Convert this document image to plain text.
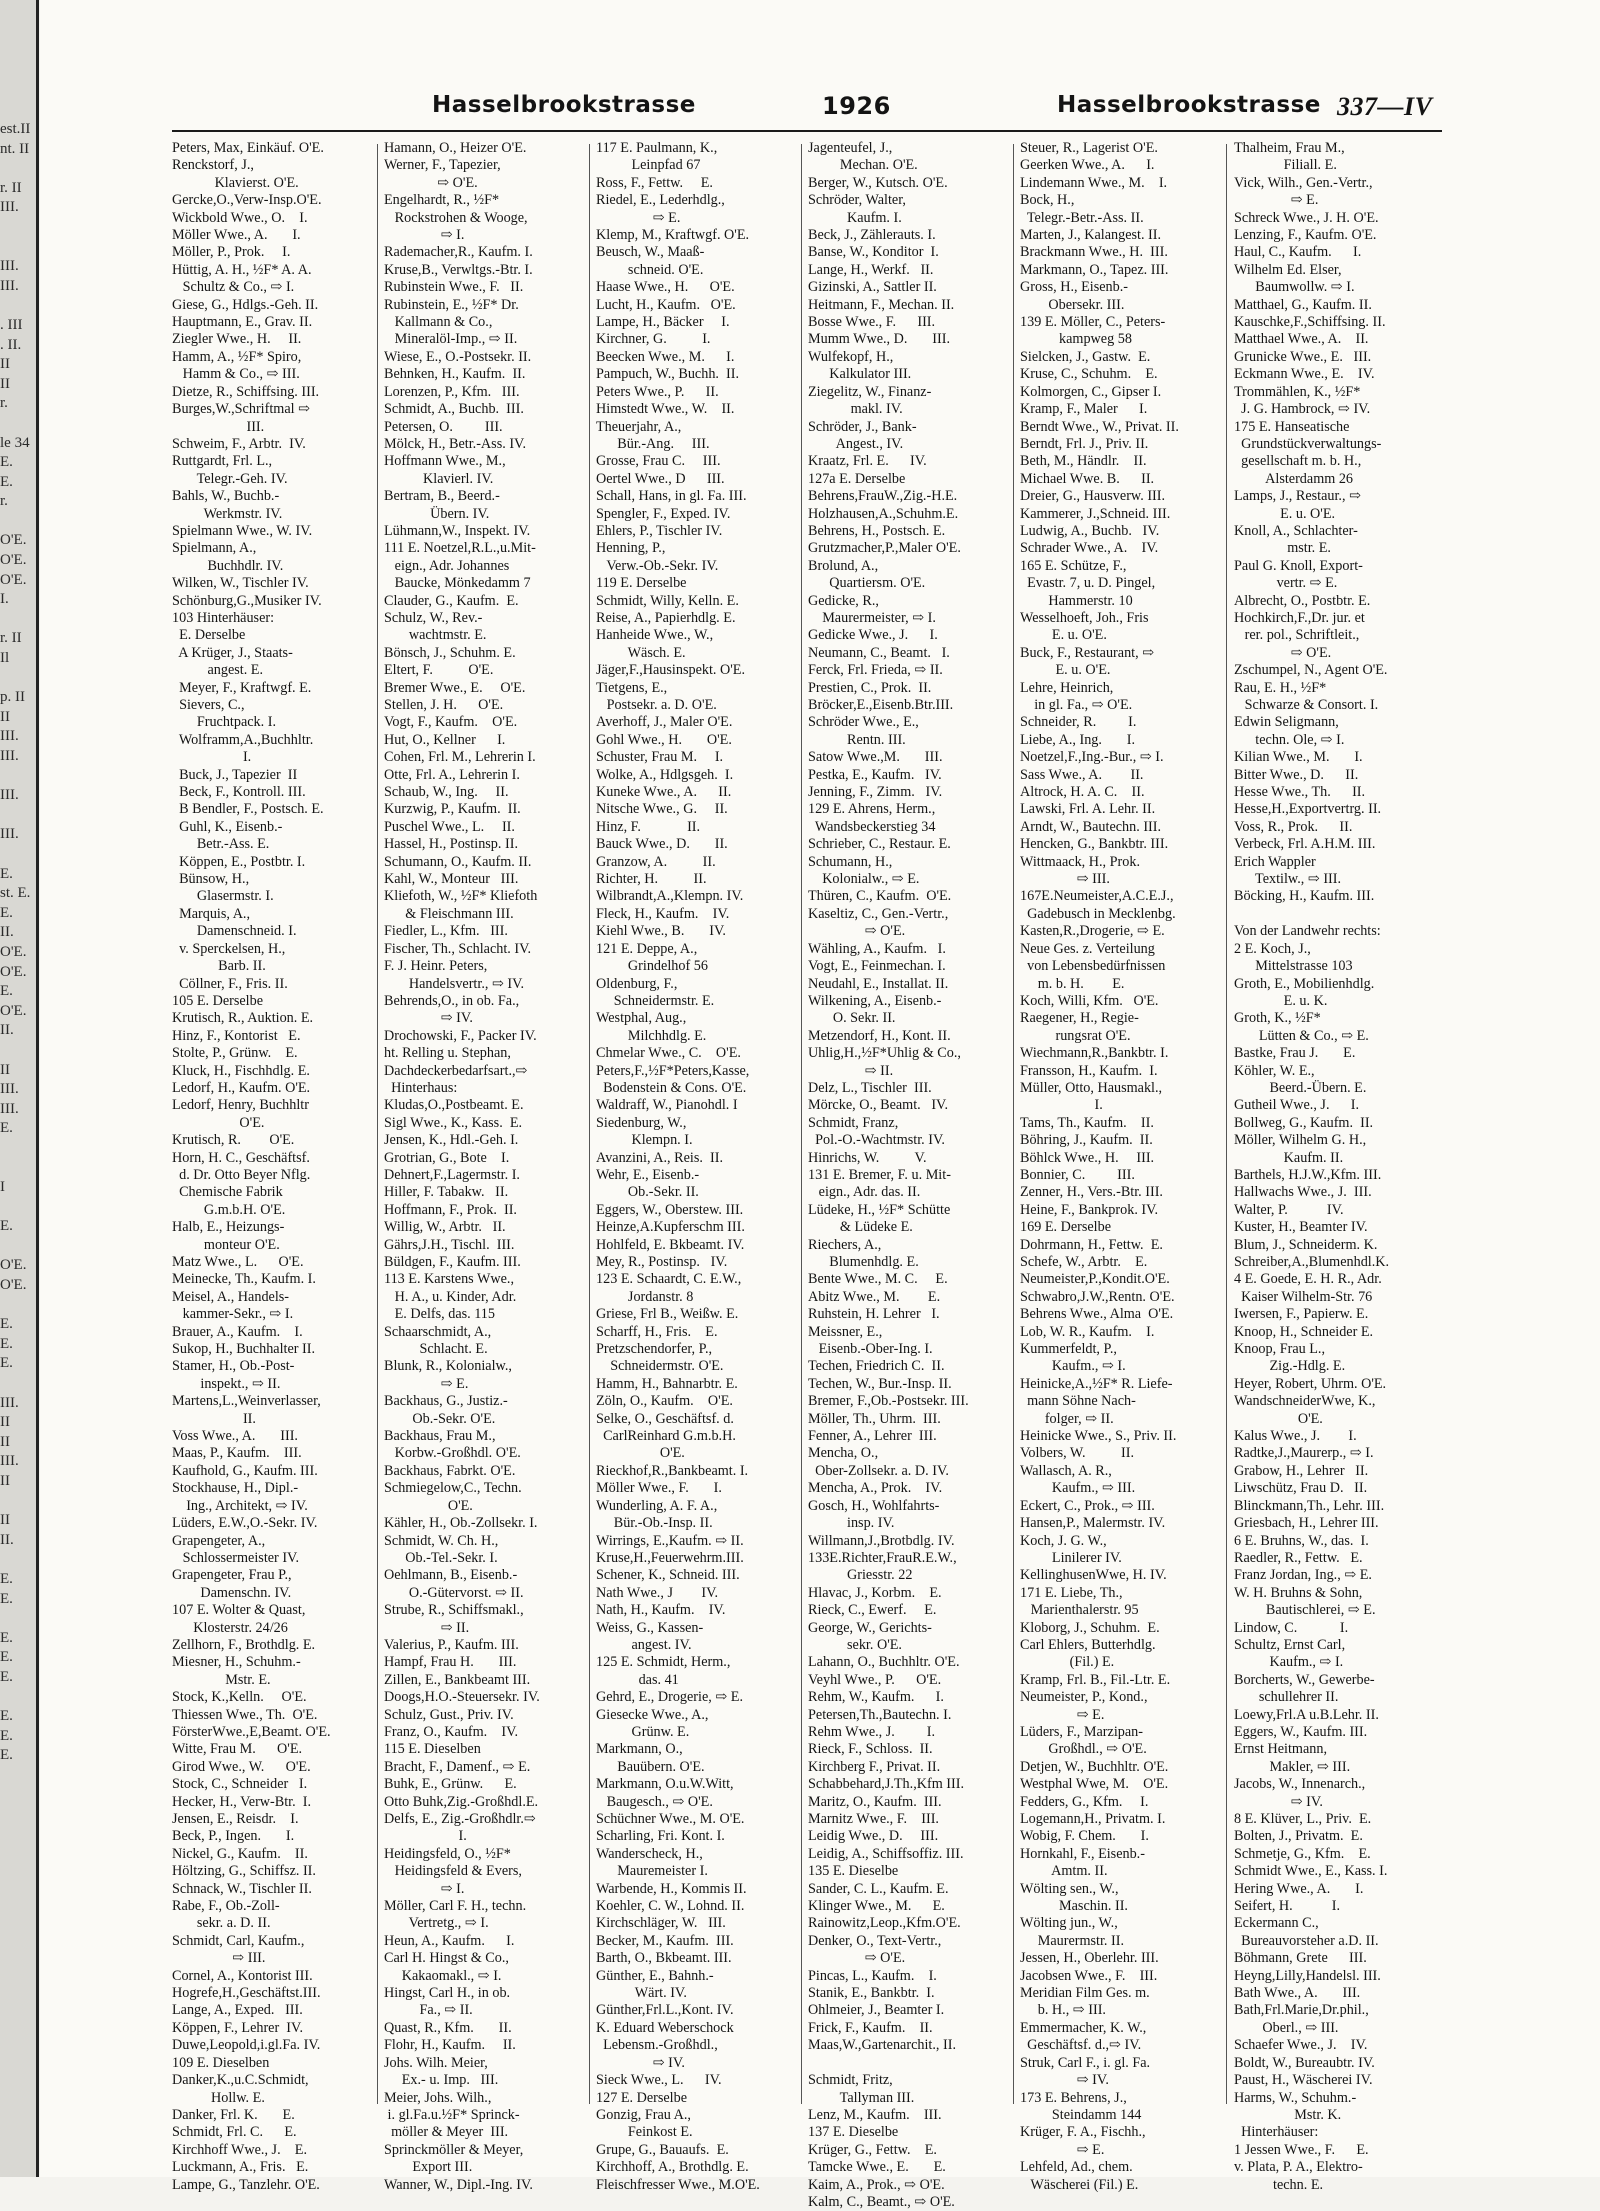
est.II
nt. II

r. II
III.

III.
III.

. III
. II.
II
II
r.

le 34
E.
E.
r.

O'E.
O'E.
O'E.
I.

r. II
Il

p. II
II
III.
III.

III.

III.

E.
st. E.
E.
II.
O'E.
O'E.
E.
O'E.
II.

II
III.
III.
E.

I

E.

O'E.
O'E.

E.
E.
E.

III.
II
II
III.
II

II
II.

E.
E.

E.
E.
E.

E.
E.
E.
Hasselbrookstrasse	1926	Hasselbrookstrasse 337—IV
Peters, Max, Einkäuf. O'E.
Renckstorf, J.,
Klavierst. O'E.
Gercke,O.,Verw-Insp.O'E.
Wickbold Wwe., O.    I.
Möller Wwe., A.       I.
Möller, P., Prok.     I.
Hüttig, A. H., ½F* A. A.
Schultz & Co., ⇨ I.
Giese, G., Hdlgs.-Geh. II.
Hauptmann, E., Grav. II.
Ziegler Wwe., H.     II.
Hamm, A., ½F* Spiro,
Hamm & Co., ⇨ III.
Dietze, R., Schiffsing. III.
Burges,W.,Schriftmal ⇨
III.
Schweim, F., Arbtr.  IV.
Ruttgardt, Frl. L.,
Telegr.-Geh. IV.
Bahls, W., Buchb.-
Werkmstr. IV.
Spielmann Wwe., W. IV.
Spielmann, A.,
Buchhdlr. IV.
Wilken, W., Tischler IV.
Schönburg,G.,Musiker IV.
103 Hinterhäuser:
E. Derselbe
A Krüger, J., Staats-
angest. E.
Meyer, F., Kraftwgf. E.
Sievers, C.,
Fruchtpack. I.
Wolframm,A.,Buchhltr.
I.
Buck, J., Tapezier  II
Beck, F., Kontroll. III.
B Bendler, F., Postsch. E.
Guhl, K., Eisenb.-
Betr.-Ass. E.
Köppen, E., Postbtr. I.
Bünsow, H.,
Glasermstr. I.
Marquis, A.,
Damenschneid. I.
v. Sperckelsen, H.,
Barb. II.
Cöllner, F., Fris. II.
105 E. Derselbe
Krutisch, R., Auktion. E.
Hinz, F., Kontorist   E.
Stolte, P., Grünw.    E.
Kluck, H., Fischhdlg. E.
Ledorf, H., Kaufm. O'E.
Ledorf, Henry, Buchhltr
O'E.
Krutisch, R.        O'E.
Horn, H. C., Geschäftsf.
d. Dr. Otto Beyer Nflg.
Chemische Fabrik
G.m.b.H. O'E.
Halb, E., Heizungs-
monteur O'E.
Matz Wwe., L.      O'E.
Meinecke, Th., Kaufm. I.
Meisel, A., Handels-
kammer-Sekr., ⇨ I.
Brauer, A., Kaufm.    I.
Sukop, H., Buchhalter II.
Stamer, H., Ob.-Post-
inspekt., ⇨ II.
Martens,L.,Weinverlasser,
II.
Voss Wwe., A.       III.
Maas, P., Kaufm.    III.
Kaufhold, G., Kaufm. III.
Stockhause, H., Dipl.-
Ing., Architekt, ⇨ IV.
Lüders, E.W.,O.-Sekr. IV.
Grapengeter, A.,
Schlossermeister IV.
Grapengeter, Frau P.,
Damenschn. IV.
107 E. Wolter & Quast,
Klosterstr. 24/26
Zellhorn, F., Brothdlg. E.
Miesner, H., Schuhm.-
Mstr. E.
Stock, K.,Kelln.     O'E.
Thiessen Wwe., Th.  O'E.
FörsterWwe.,E,Beamt. O'E.
Witte, Frau M.      O'E.
Girod Wwe., W.      O'E.
Stock, C., Schneider   I.
Hecker, H., Verw-Btr.  I.
Jensen, E., Reisdr.    I.
Beck, P., Ingen.       I.
Nickel, G., Kaufm.    II.
Höltzing, G., Schiffsz. II.
Schnack, W., Tischler II.
Rabe, F., Ob.-Zoll-
sekr. a. D. II.
Schmidt, Carl, Kaufm.,
⇨ III.
Cornel, A., Kontorist III.
Hogrefe,H.,Geschäftst.III.
Lange, A., Exped.   III.
Köppen, F., Lehrer  IV.
Duwe,Leopold,i.gl.Fa. IV.
109 E. Dieselben
Danker,K.,u.C.Schmidt,
Hollw. E.
Danker, Frl. K.       E.
Schmidt, Frl. C.      E.
Kirchhoff Wwe., J.    E.
Luckmann, A., Fris.   E.
Lampe, G., Tanzlehr. O'E.
Hamann, O., Heizer O'E.
Werner, F., Tapezier,
⇨ O'E.
Engelhardt, R., ½F*
Rockstrohen & Wooge,
⇨ I.
Rademacher,R., Kaufm. I.
Kruse,B., Verwltgs.-Btr. I.
Rubinstein Wwe., F.   II.
Rubinstein, E., ½F* Dr.
Kallmann & Co.,
Mineralöl-Imp., ⇨ II.
Wiese, E., O.-Postsekr. II.
Behnken, H., Kaufm.  II.
Lorenzen, P., Kfm.   III.
Schmidt, A., Buchb.  III.
Petersen, O.         III.
Mölck, H., Betr.-Ass. IV.
Hoffmann Wwe., M.,
Klavierl. IV.
Bertram, B., Beerd.-
Übern. IV.
Lühmann,W., Inspekt. IV.
111 E. Noetzel,R.L.,u.Mit-
eign., Adr. Johannes
Baucke, Mönkedamm 7
Clauder, G., Kaufm.  E.
Schulz, W., Rev.-
wachtmstr. E.
Bönsch, J., Schuhm. E.
Eltert, F.          O'E.
Bremer Wwe., E.     O'E.
Stellen, J. H.      O'E.
Vogt, F., Kaufm.    O'E.
Hut, O., Kellner      I.
Cohen, Frl. M., Lehrerin I.
Otte, Frl. A., Lehrerin I.
Schaub, W., Ing.     II.
Kurzwig, P., Kaufm.  II.
Puschel Wwe., L.     II.
Hassel, H., Postinsp. II.
Schumann, O., Kaufm. II.
Kahl, W., Monteur   III.
Kliefoth, W., ½F* Kliefoth
& Fleischmann III.
Fiedler, L., Kfm.   III.
Fischer, Th., Schlacht. IV.
F. J. Heinr. Peters,
Handelsvertr., ⇨ IV.
Behrends,O., in ob. Fa.,
⇨ IV.
Drochowski, F., Packer IV.
ht. Relling u. Stephan,
Dachdeckerbedarfsart.,⇨
Hinterhaus:
Kludas,O.,Postbeamt. E.
Sigl Wwe., K., Kass.  E.
Jensen, K., Hdl.-Geh. I.
Grotrian, G., Bote    I.
Dehnert,F.,Lagermstr. I.
Hiller, F. Tabakw.   II.
Hoffmann, F., Prok.  II.
Willig, W., Arbtr.   II.
Gährs,J.H., Tischl.  III.
Büldgen, F., Kaufm. III.
113 E. Karstens Wwe.,
H. A., u. Kinder, Adr.
E. Delfs, das. 115
Schaarschmidt, A.,
Schlacht. E.
Blunk, R., Kolonialw.,
⇨ E.
Backhaus, G., Justiz.-
Ob.-Sekr. O'E.
Backhaus, Frau M.,
Korbw.-Großhdl. O'E.
Backhaus, Fabrkt. O'E.
Schmiegelow,C., Techn.
O'E.
Kähler, H., Ob.-Zollsekr. I.
Schmidt, W. Ch. H.,
Ob.-Tel.-Sekr. I.
Oehlmann, B., Eisenb.-
O.-Gütervorst. ⇨ II.
Strube, R., Schiffsmakl.,
⇨ II.
Valerius, P., Kaufm. III.
Hampf, Frau H.       III.
Zillen, E., Bankbeamt III.
Doogs,H.O.-Steuersekr. IV.
Schulz, Gust., Priv. IV.
Franz, O., Kaufm.    IV.
115 E. Dieselben
Bracht, F., Damenf., ⇨ E.
Buhk, E., Grünw.      E.
Otto Buhk,Zig.-Großhdl.E.
Delfs, E., Zig.-Großhdlr.⇨
I.
Heidingsfeld, O., ½F*
Heidingsfeld & Evers,
⇨ I.
Möller, Carl F. H., techn.
Vertretg., ⇨ I.
Heun, A., Kaufm.      I.
Carl H. Hingst & Co.,
Kakaomakl., ⇨ I.
Hingst, Carl H., in ob.
Fa., ⇨ II.
Quast, R., Kfm.       II.
Flohr, H., Kaufm.     II.
Johs. Wilh. Meier,
Ex.- u. Imp.   III.
Meier, Johs. Wilh.,
i. gl.Fa.u.½F* Sprinck-
möller & Meyer  III.
Sprinckmöller & Meyer,
Export III.
Wanner, W., Dipl.-Ing. IV.
117 E. Paulmann, K.,
Leinpfad 67
Ross, F., Fettw.     E.
Riedel, E., Lederhdlg.,
⇨ E.
Klemp, M., Kraftwgf. O'E.
Beusch, W., Maaß-
schneid. O'E.
Haase Wwe., H.      O'E.
Lucht, H., Kaufm.   O'E.
Lampe, H., Bäcker     I.
Kirchner, G.          I.
Beecken Wwe., M.      I.
Pampuch, W., Buchh.  II.
Peters Wwe., P.      II.
Himstedt Wwe., W.    II.
Theuerjahr, A.,
Bür.-Ang.     III.
Grosse, Frau C.     III.
Oertel Wwe., D      III.
Schall, Hans, in gl. Fa. III.
Spengler, F., Exped. IV.
Ehlers, P., Tischler IV.
Henning, P.,
Verw.-Ob.-Sekr. IV.
119 E. Derselbe
Schmidt, Willy, Kelln. E.
Reise, A., Papierhdlg. E.
Hanheide Wwe., W.,
Wäsch. E.
Jäger,F.,Hausinspekt. O'E.
Tietgens, E.,
Postsekr. a. D. O'E.
Averhoff, J., Maler O'E.
Gohl Wwe., H.       O'E.
Schuster, Frau M.     I.
Wolke, A., Hdlgsgeh.  I.
Kuneke Wwe., A.      II.
Nitsche Wwe., G.     II.
Hinz, F.             II.
Bauck Wwe., D.       II.
Granzow, A.          II.
Richter, H.          II.
Wilbrandt,A.,Klempn. IV.
Fleck, H., Kaufm.    IV.
Kiehl Wwe., B.       IV.
121 E. Deppe, A.,
Grindelhof 56
Oldenburg, F.,
Schneidermstr. E.
Westphal, Aug.,
Milchhdlg. E.
Chmelar Wwe., C.    O'E.
Peters,F.,½F*Peters,Kasse,
Bodenstein & Cons. O'E.
Waldraff, W., Pianohdl. I
Siedenburg, W.,
Klempn. I.
Avanzini, A., Reis.  II.
Wehr, E., Eisenb.-
Ob.-Sekr. II.
Eggers, W., Oberstew. III.
Heinze,A.Kupferschm III.
Hohlfeld, E. Bkbeamt. IV.
Mey, R., Postinsp.   IV.
123 E. Schaardt, C. E.W.,
Jordanstr. 8
Griese, Frl B., Weißw. E.
Scharff, H., Fris.    E.
Pretzschendorfer, P.,
Schneidermstr. O'E.
Hamm, H., Bahnarbtr. E.
Zöln, O., Kaufm.    O'E.
Selke, O., Geschäftsf. d.
CarlReinhard G.m.b.H.
O'E.
Rieckhof,R.,Bankbeamt. I.
Möller Wwe., F.       I.
Wunderling, A. F. A.,
Bür.-Ob.-Insp. II.
Wirrings, E.,Kaufm. ⇨ II.
Kruse,H.,Feuerwehrm.III.
Schener, K., Schneid. III.
Nath Wwe., J        IV.
Nath, H., Kaufm.    IV.
Weiss, G., Kassen-
angest. IV.
125 E. Schmidt, Herm.,
das. 41
Gehrd, E., Drogerie, ⇨ E.
Giesecke Wwe., A.,
Grünw. E.
Markmann, O.,
Bauübern. O'E.
Markmann, O.u.W.Witt,
Baugesch., ⇨ O'E.
Schüchner Wwe., M. O'E.
Scharling, Fri. Kont. I.
Wanderscheck, H.,
Mauremeister I.
Warbende, H., Kommis II.
Koehler, C. W., Lohnd. II.
Kirchschläger, W.   III.
Becker, M., Kaufm.  III.
Barth, O., Bkbeamt. III.
Günther, E., Bahnh.-
Wärt. IV.
Günther,Frl.L.,Kont. IV.
K. Eduard Weberschock
Lebensm.-Großhdl.,
⇨ IV.
Sieck Wwe., L.      IV.
127 E. Derselbe
Gonzig, Frau A.,
Feinkost E.
Grupe, G., Bauaufs.  E.
Kirchhoff, A., Brothdlg. E.
Fleischfresser Wwe., M.O'E.
Jagenteufel, J.,
Mechan. O'E.
Berger, W., Kutsch. O'E.
Schröder, Walter,
Kaufm. I.
Beck, J., Zählerauts. I.
Banse, W., Konditor  I.
Lange, H., Werkf.   II.
Gizinski, A., Sattler II.
Heitmann, F., Mechan. II.
Bosse Wwe., F.      III.
Mumm Wwe., D.       III.
Wulfekopf, H.,
Kalkulator III.
Ziegelitz, W., Finanz-
makl. IV.
Schröder, J., Bank-
Angest., IV.
Kraatz, Frl. E.      IV.
127a E. Derselbe
Behrens,FrauW.,Zig.-H.E.
Holzhausen,A.,Schuhm.E.
Behrens, H., Postsch. E.
Grutzmacher,P.,Maler O'E.
Brolund, A.,
Quartiersm. O'E.
Gedicke, R.,
Maurermeister, ⇨ I.
Gedicke Wwe., J.      I.
Neumann, C., Beamt.   I.
Ferck, Frl. Frieda, ⇨ II.
Prestien, C., Prok.  II.
Bröcker,E.,Eisenb.Btr.III.
Schröder Wwe., E.,
Rentn. III.
Satow Wwe.,M.       III.
Pestka, E., Kaufm.   IV.
Jenning, F., Zimm.   IV.
129 E. Ahrens, Herm.,
Wandsbeckerstieg 34
Schrieber, C., Restaur. E.
Schumann, H.,
Kolonialw., ⇨ E.
Thüren, C., Kaufm.  O'E.
Kaseltiz, C., Gen.-Vertr.,
⇨ O'E.
Wähling, A., Kaufm.   I.
Vogt, E., Feinmechan. I.
Neudahl, E., Installat. II.
Wilkening, A., Eisenb.-
O. Sekr. II.
Metzendorf, H., Kont. II.
Uhlig,H.,½F*Uhlig & Co.,
⇨ II.
Delz, L., Tischler  III.
Mörcke, O., Beamt.   IV.
Schmidt, Franz,
Pol.-O.-Wachtmstr. IV.
Hinrichs, W.          V.
131 E. Bremer, F. u. Mit-
eign., Adr. das. II.
Lüdeke, H., ½F* Schütte
& Lüdeke E.
Riechers, A.,
Blumenhdlg. E.
Bente Wwe., M. C.     E.
Abitz Wwe., M.        E.
Ruhstein, H. Lehrer   I.
Meissner, E.,
Eisenb.-Ober-Ing. I.
Techen, Friedrich C.  II.
Techen, W., Bur.-Insp. II.
Bremer, F.,Ob.-Postsekr. III.
Möller, Th., Uhrm.  III.
Fenner, A., Lehrer  III.
Mencha, O.,
Ober-Zollsekr. a. D. IV.
Mencha, A., Prok.    IV.
Gosch, H., Wohlfahrts-
insp. IV.
Willmann,J.,Brotbdlg. IV.
133E.Richter,FrauR.E.W.,
Griesstr. 22
Hlavac, J., Korbm.    E.
Rieck, C., Ewerf.     E.
George, W., Gerichts-
sekr. O'E.
Lahann, O., Buchhltr. O'E.
Veyhl Wwe., P.      O'E.
Rehm, W., Kaufm.      I.
Petersen,Th.,Bautechn. I.
Rehm Wwe., J.         I.
Rieck, F., Schloss.  II.
Kirchberg F., Privat. II.
Schabbehard,J.Th.,Kfm III.
Maritz, O., Kaufm.  III.
Marnitz Wwe., F.    III.
Leidig Wwe., D.     III.
Leidig, A., Schiffsoffiz. III.
135 E. Dieselbe
Sander, C. L., Kaufm. E.
Klinger Wwe., M.      E.
Rainowitz,Leop.,Kfm.O'E.
Denker, O., Text-Vertr.,
⇨ O'E.
Pincas, L., Kaufm.    I.
Stanik, E., Bankbtr.  I.
Ohlmeier, J., Beamter I.
Frick, F., Kaufm.    II.
Maas,W.,Gartenarchit., II.

Schmidt, Fritz,
Tallyman III.
Lenz, M., Kaufm.    III.
137 E. Dieselbe
Krüger, G., Fettw.    E.
Tamcke Wwe., E.       E.
Kaim, A., Prok., ⇨ O'E.
Kalm, C., Beamt., ⇨ O'E.
Steuer, R., Lagerist O'E.
Geerken Wwe., A.      I.
Lindemann Wwe., M.    I.
Bock, H.,
Telegr.-Betr.-Ass. II.
Marten, J., Kalangest. II.
Brackmann Wwe., H.  III.
Markmann, O., Tapez. III.
Gross, H., Eisenb.-
Obersekr. III.
139 E. Möller, C., Peters-
kampweg 58
Sielcken, J., Gastw.  E.
Kruse, C., Schuhm.    E.
Kolmorgen, C., Gipser I.
Kramp, F., Maler      I.
Berndt Wwe., W., Privat. II.
Berndt, Frl. J., Priv. II.
Beth, M., Händlr.    II.
Michael Wwe. B.      II.
Dreier, G., Hausverw. III.
Kammerer, J.,Schneid. III.
Ludwig, A., Buchb.   IV.
Schrader Wwe., A.    IV.
165 E. Schütze, F.,
Evastr. 7, u. D. Pingel,
Hammerstr. 10
Wesselhoeft, Joh., Fris
E. u. O'E.
Buck, F., Restaurant, ⇨
E. u. O'E.
Lehre, Heinrich,
in gl. Fa., ⇨ O'E.
Schneider, R.         I.
Liebe, A., Ing.       I.
Noetzel,F.,Ing.-Bur., ⇨ I.
Sass Wwe., A.        II.
Altrock, H. A. C.    II.
Lawski, Frl. A. Lehr. II.
Arndt, W., Bautechn. III.
Hencken, G., Bankbtr. III.
Wittmaack, H., Prok.
⇨ III.
167E.Neumeister,A.C.E.J.,
Gadebusch in Mecklenbg.
Kasten,R.,Drogerie, ⇨ E.
Neue Ges. z. Verteilung
von Lebensbedürfnissen
m. b. H.        E.
Koch, Willi, Kfm.   O'E.
Raegener, H., Regie-
rungsrat O'E.
Wiechmann,R.,Bankbtr. I.
Fransson, H., Kaufm.  I.
Müller, Otto, Hausmakl.,
I.
Tams, Th., Kaufm.    II.
Böhring, J., Kaufm.  II.
Böhlck Wwe., H.     III.
Bonnier, C.         III.
Zenner, H., Vers.-Btr. III.
Heine, F., Bankprok. IV.
169 E. Derselbe
Dohrmann, H., Fettw.  E.
Schefe, W., Arbtr.    E.
Neumeister,P.,Kondit.O'E.
Schwabro,J.W.,Rentn. O'E.
Behrens Wwe., Alma  O'E.
Lob, W. R., Kaufm.    I.
Kummerfeldt, P.,
Kaufm., ⇨ I.
Heinicke,A.,½F* R. Liefe-
mann Söhne Nach-
folger, ⇨ II.
Heinicke Wwe., S., Priv. II.
Volbers, W.          II.
Wallasch, A. R.,
Kaufm., ⇨ III.
Eckert, C., Prok., ⇨ III.
Hansen,P., Malermstr. IV.
Koch, J. G. W.,
Linilerer IV.
KellinghusenWwe, H. IV.
171 E. Liebe, Th.,
Marienthalerstr. 95
Kloborg, J., Schuhm.  E.
Carl Ehlers, Butterhdlg.
(Fil.) E.
Kramp, Frl. B., Fil.-Ltr. E.
Neumeister, P., Kond.,
⇨ E.
Lüders, F., Marzipan-
Großhdl., ⇨ O'E.
Detjen, W., Buchhltr. O'E.
Westphal Wwe, M.    O'E.
Fedders, G., Kfm.     I.
Logemann,H., Privatm. I.
Wobig, F. Chem.       I.
Hornkahl, F., Eisenb.-
Amtm. II.
Wölting sen., W.,
Maschin. II.
Wölting jun., W.,
Maurermstr. II.
Jessen, H., Oberlehr. III.
Jacobsen Wwe., F.    III.
Meridian Film Ges. m.
b. H., ⇨ III.
Emmermacher, K. W.,
Geschäftsf. d.,⇨ IV.
Struk, Carl F., i. gl. Fa.
⇨ IV.
173 E. Behrens, J.,
Steindamm 144
Krüger, F. A., Fischh.,
⇨ E.
Lehfeld, Ad., chem.
Wäscherei (Fil.) E.
Thalheim, Frau M.,
Filiall. E.
Vick, Wilh., Gen.-Vertr.,
⇨ E.
Schreck Wwe., J. H. O'E.
Lenzing, F., Kaufm. O'E.
Haul, C., Kaufm.      I.
Wilhelm Ed. Elser,
Baumwollw. ⇨ I.
Matthael, G., Kaufm. II.
Kauschke,F.,Schiffsing. II.
Matthael Wwe., A.    II.
Grunicke Wwe., E.   III.
Eckmann Wwe., E.    IV.
Trommählen, K., ½F*
J. G. Hambrock, ⇨ IV.
175 E. Hanseatische
Grundstückverwaltungs-
gesellschaft m. b. H.,
Alsterdamm 26
Lamps, J., Restaur., ⇨
E. u. O'E.
Knoll, A., Schlachter-
mstr. E.
Paul G. Knoll, Export-
vertr. ⇨ E.
Albrecht, O., Postbtr. E.
Hochkirch,F.,Dr. jur. et
rer. pol., Schriftleit.,
⇨ O'E.
Zschumpel, N., Agent O'E.
Rau, E. H., ½F*
Schwarze & Consort. I.
Edwin Seligmann,
techn. Ole, ⇨ I.
Kilian Wwe., M.       I.
Bitter Wwe., D.      II.
Hesse Wwe., Th.      II.
Hesse,H.,Exportvertrg. II.
Voss, R., Prok.      II.
Verbeck, Frl. A.H.M. III.
Erich Wappler
Textilw., ⇨ III.
Böcking, H., Kaufm. III.

Von der Landwehr rechts:
2 E. Koch, J.,
Mittelstrasse 103
Groth, E., Mobilienhdlg.
E. u. K.
Groth, K., ½F*
Lütten & Co., ⇨ E.
Bastke, Frau J.       E.
Köhler, W. E.,
Beerd.-Übern. E.
Gutheil Wwe., J.      I.
Bollweg, G., Kaufm.  II.
Möller, Wilhelm G. H.,
Kaufm. II.
Barthels, H.J.W.,Kfm. III.
Hallwachs Wwe., J.  III.
Walter, P.           IV.
Kuster, H., Beamter IV.
Blum, J., Schneiderm. K.
Schreiber,A.,Blumenhdl.K.
4 E. Goede, E. H. R., Adr.
Kaiser Wilhelm-Str. 76
Iwersen, F., Papierw. E.
Knoop, H., Schneider E.
Knoop, Frau L.,
Zig.-Hdlg. E.
Heyer, Robert, Uhrm. O'E.
WandschneiderWwe, K.,
O'E.
Kalus Wwe., J.        I.
Radtke,J.,Maurerp., ⇨ I.
Grabow, H., Lehrer   II.
Liwschütz, Frau D.   II.
Blinckmann,Th., Lehr. III.
Griesbach, H., Lehrer III.
6 E. Bruhns, W., das.  I.
Raedler, R., Fettw.   E.
Franz Jordan, Ing., ⇨ E.
W. H. Bruhns & Sohn,
Bautischlerei, ⇨ E.
Lindow, C.            I.
Schultz, Ernst Carl,
Kaufm., ⇨ I.
Borcherts, W., Gewerbe-
schullehrer II.
Loewy,Frl.A u.B.Lehr. II.
Eggers, W., Kaufm. III.
Ernst Heitmann,
Makler, ⇨ III.
Jacobs, W., Innenarch.,
⇨ IV.
8 E. Klüver, L., Priv.  E.
Bolten, J., Privatm.  E.
Schmetje, G., Kfm.    E.
Schmidt Wwe., E., Kass. I.
Hering Wwe., A.       I.
Seifert, H.           I.
Eckermann C.,
Bureauvorsteher a.D. II.
Böhmann, Grete      III.
Heyng,Lilly,Handelsl. III.
Bath Wwe., A.       III.
Bath,Frl.Marie,Dr.phil.,
Oberl., ⇨ III.
Schaefer Wwe., J.    IV.
Boldt, W., Bureaubtr. IV.
Paust, H., Wäscherei IV.
Harms, W., Schuhm.-
Mstr. K.
Hinterhäuser:
1 Jessen Wwe., F.      E.
v. Plata, P. A., Elektro-
techn. E.
